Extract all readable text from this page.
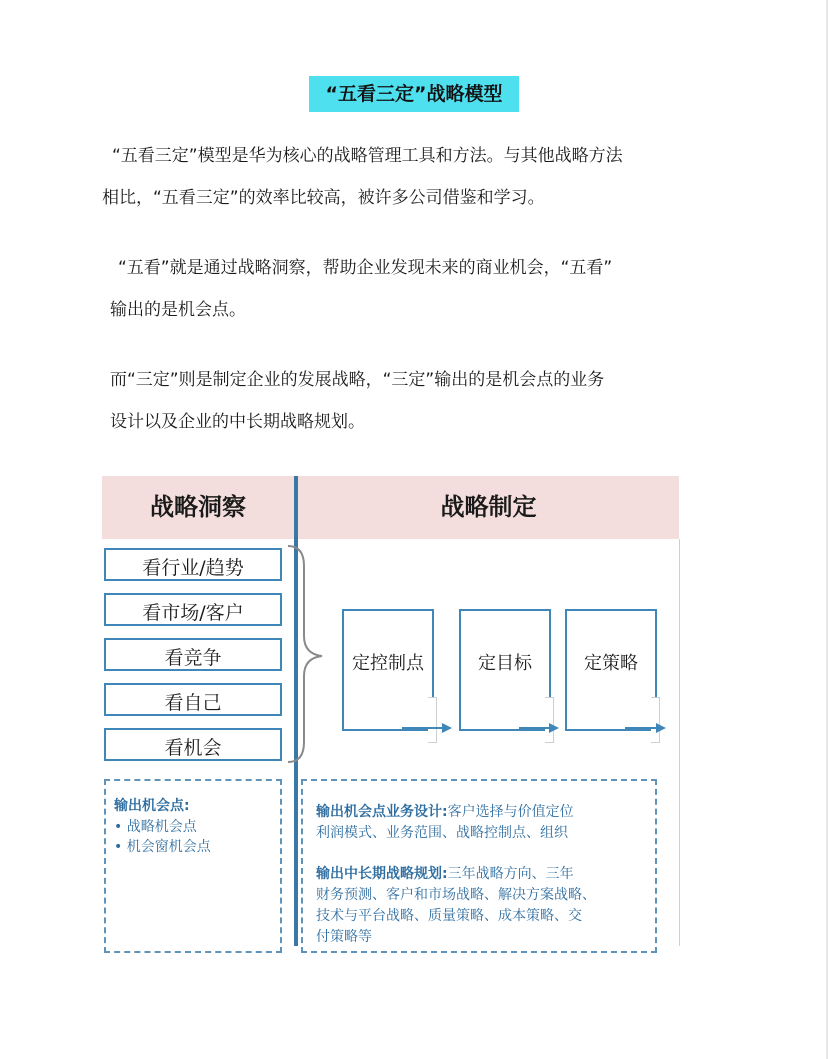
“五看三定”战略模型
“五看三定”模型是华为核心的战略管理工具和方法。与其他战略方法
相比，“五看三定”的效率比较高，被许多公司借鉴和学习。
“五看”就是通过战略洞察，帮助企业发现未来的商业机会，“五看”
输出的是机会点。
而“三定”则是制定企业的发展战略，“三定”输出的是机会点的业务
设计以及企业的中长期战略规划。
战略洞察	战略制定
看行业/趋势
看市场/客户
看竞争
看自己
看机会
定控制点	定目标	定策略
输出机会点:
• 战略机会点
• 机会窗机会点
输出机会点业务设计:客户选择与价值定位
利润模式、业务范围、战略控制点、组织
输出中长期战略规划:三年战略方向、三年
财务预测、客户和市场战略、解决方案战略、
技术与平台战略、质量策略、成本策略、交
付策略等
